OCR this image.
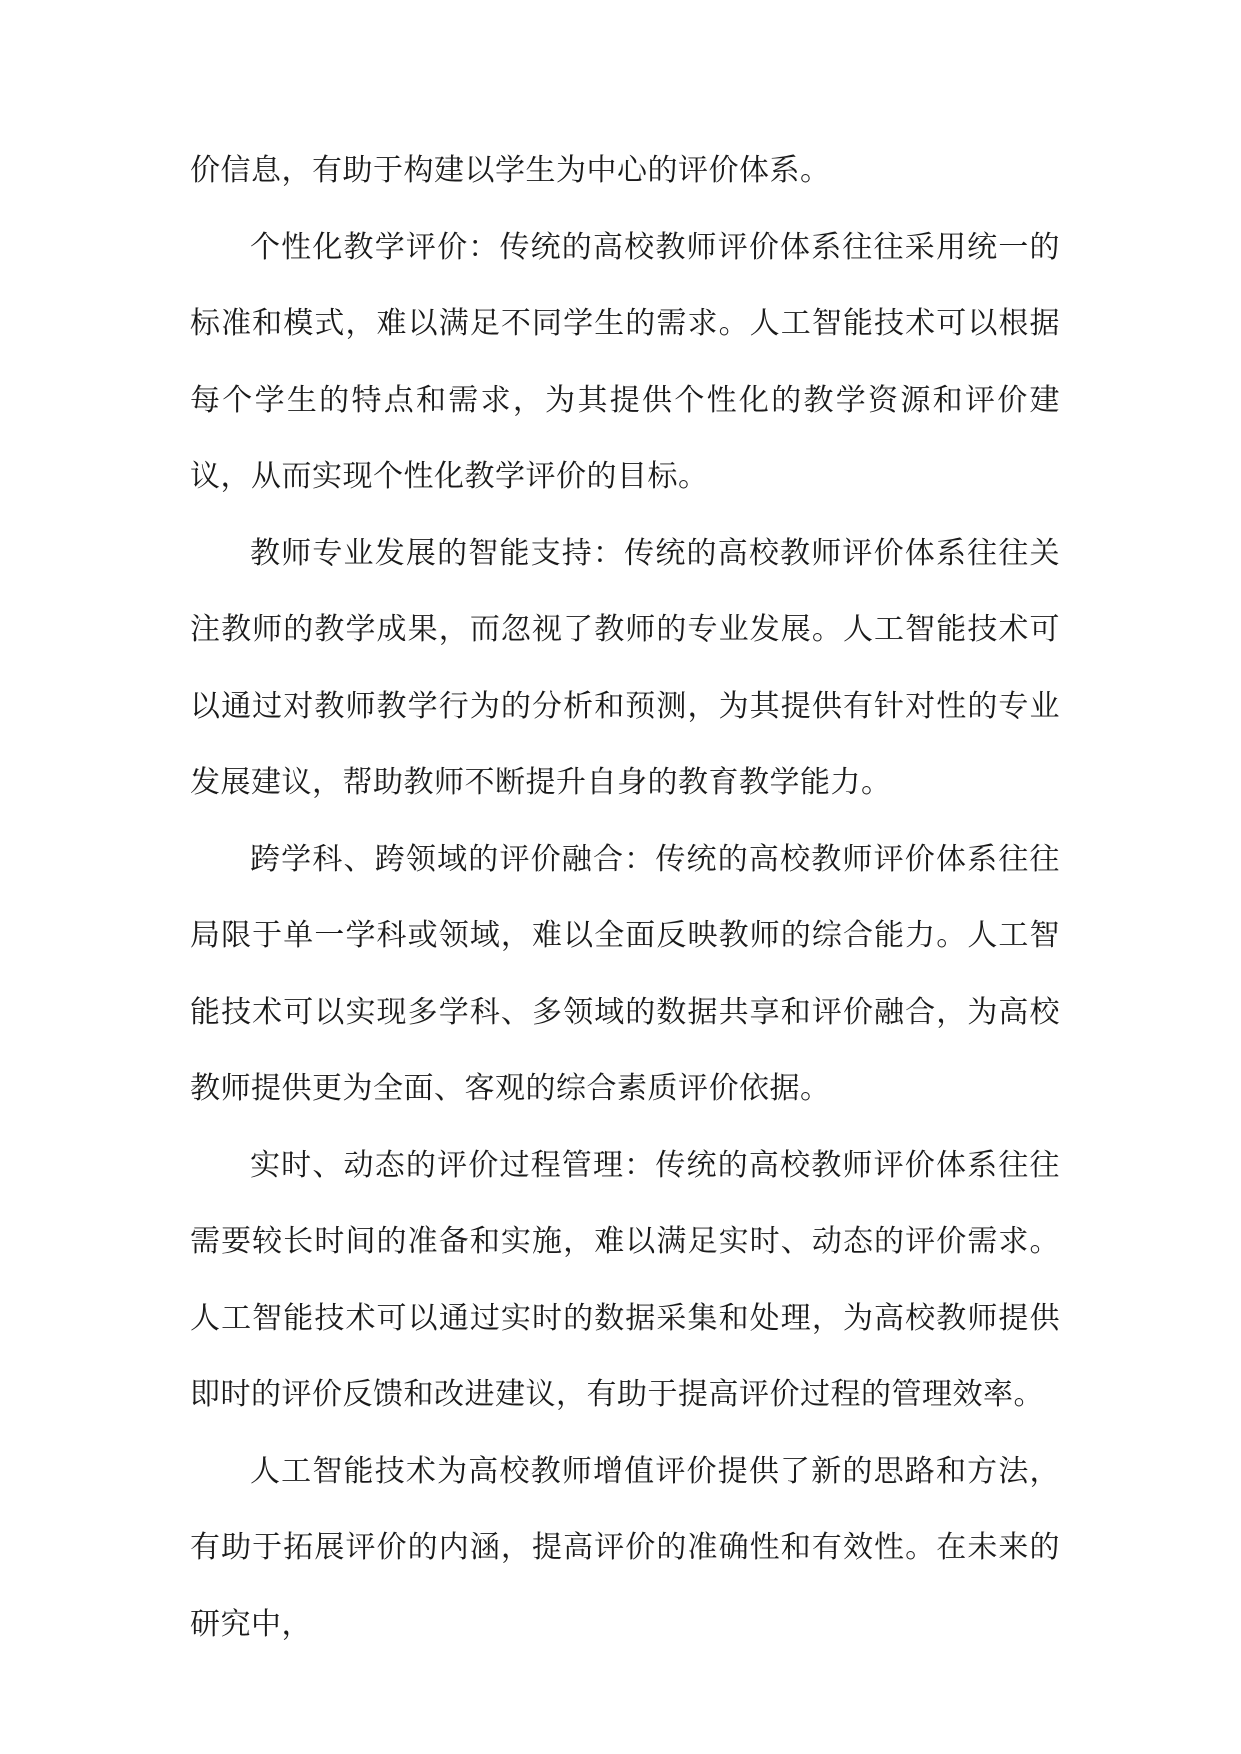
价信息，有助于构建以学生为中心的评价体系。

个性化教学评价：传统的高校教师评价体系往往采用统一的标准和模式，难以满足不同学生的需求。人工智能技术可以根据每个学生的特点和需求，为其提供个性化的教学资源和评价建议，从而实现个性化教学评价的目标。

教师专业发展的智能支持：传统的高校教师评价体系往往关注教师的教学成果，而忽视了教师的专业发展。人工智能技术可以通过对教师教学行为的分析和预测，为其提供有针对性的专业发展建议，帮助教师不断提升自身的教育教学能力。

跨学科、跨领域的评价融合：传统的高校教师评价体系往往局限于单一学科或领域，难以全面反映教师的综合能力。人工智能技术可以实现多学科、多领域的数据共享和评价融合，为高校教师提供更为全面、客观的综合素质评价依据。

实时、动态的评价过程管理：传统的高校教师评价体系往往需要较长时间的准备和实施，难以满足实时、动态的评价需求。人工智能技术可以通过实时的数据采集和处理，为高校教师提供即时的评价反馈和改进建议，有助于提高评价过程的管理效率。

人工智能技术为高校教师增值评价提供了新的思路和方法，有助于拓展评价的内涵，提高评价的准确性和有效性。在未来的研究中，
